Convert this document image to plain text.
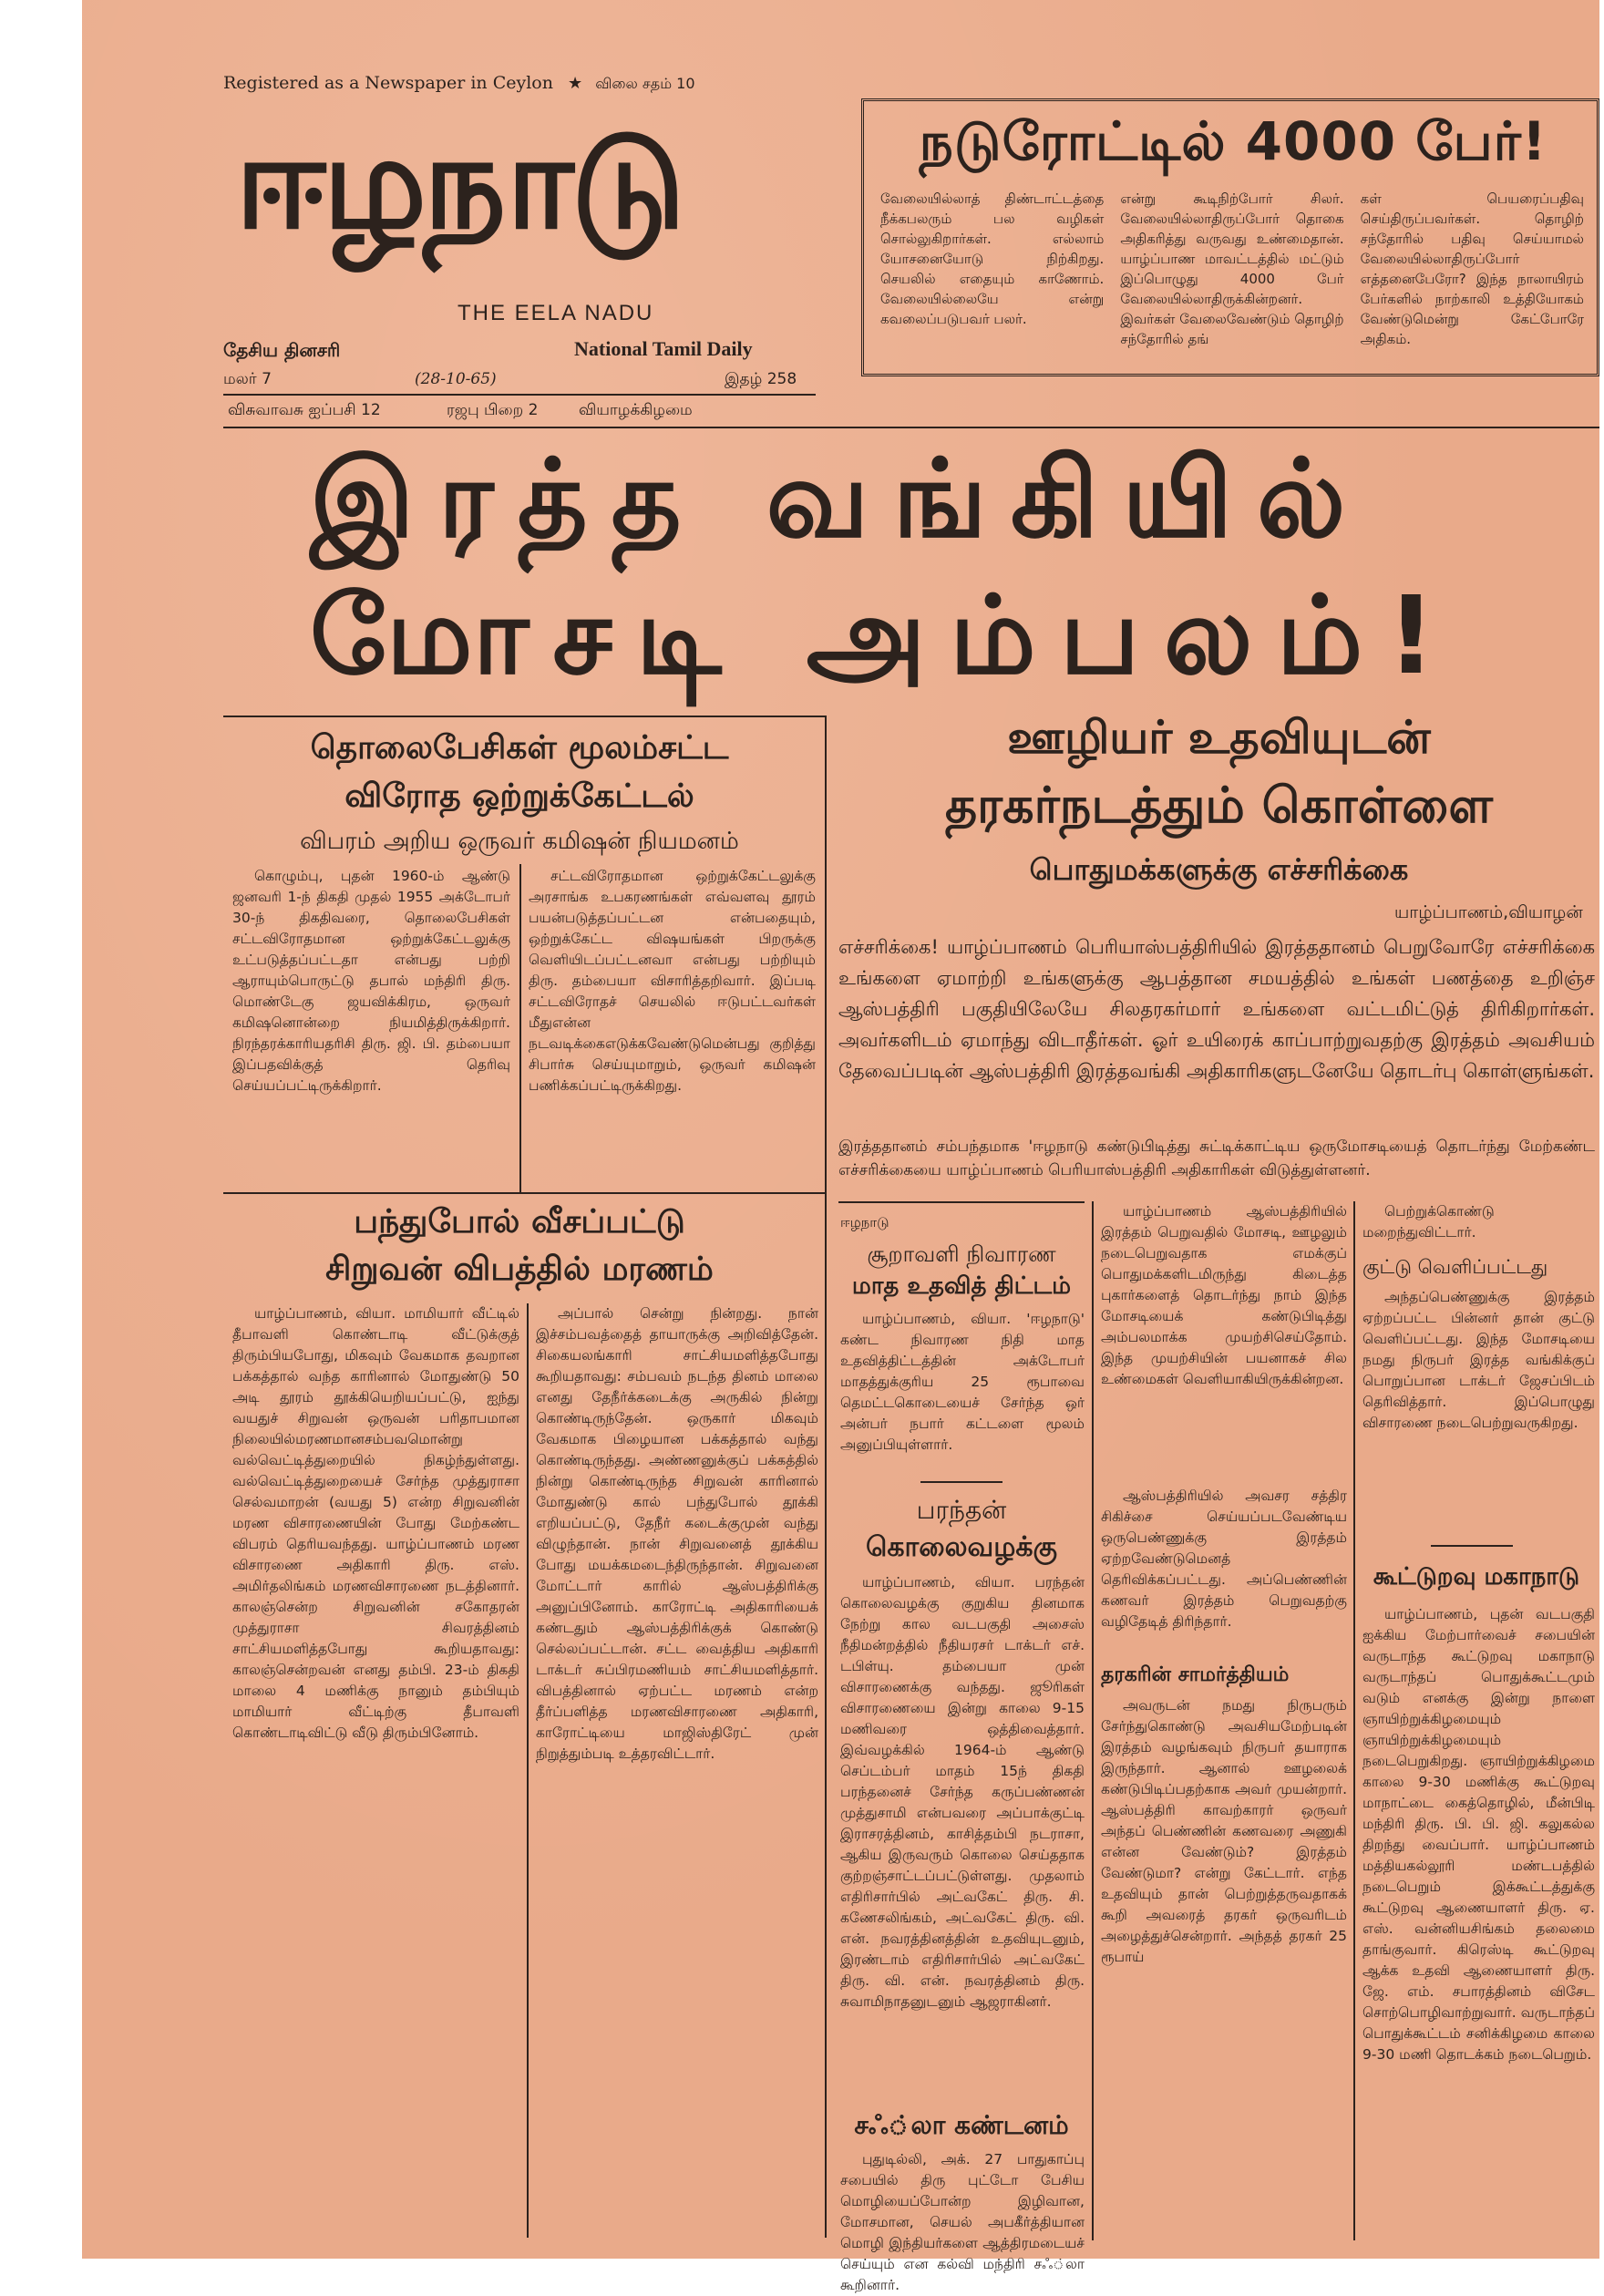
Registered as a Newspaper in Ceylon ★ விலை சதம் 10
ஈழநாடு
THE EELA NADU
தேசிய தினசரி	National Tamil Daily
மலர் 7	(28-10-65)	இதழ் 258
விசுவாவசு ஐப்பசி 12	ரஜபு பிறை 2	வியாழக்கிழமை
நடுரோட்டில் 4000 பேர்!

வேலையில்லாத் திண்டாட்டத்தை நீக்கபலரும் பல வழிகள் சொல்லுகிறார்கள். எல்லாம் யோசனையோடு நிற்கிறது. செயலில் எதையும் காணோம். வேலையில்லையே என்று கவலைப்படுபவர் பலர்.

என்று கூடிநிற்போர் சிலர். வேலையில்லாதிருப்போர் தொகை அதிகரித்து வருவது உண்மைதான். யாழ்ப்பாண மாவட்டத்தில் மட்டும் இப்பொழுது 4000 பேர் வேலையில்லாதிருக்கின்றனர். இவர்கள் வேலைவேண்டும் தொழிற் சந்தோரில் தங்

கள் பெயரைப்பதிவு செய்திருப்பவர்கள். தொழிற் சந்தோரில் பதிவு செய்யாமல் வேலையில்லாதிருப்போர் எத்தனைபேரோ? இந்த நாலாயிரம் பேர்களில் நாற்காலி உத்தியோகம் வேண்டுமென்று கேட்போரே அதிகம்.

இரத்த வங்கியில்
மோசடி அம்பலம்!
தொலைபேசிகள் மூலம்சட்ட
விரோத ஒற்றுக்கேட்டல்
விபரம் அறிய ஒருவர் கமிஷன் நியமனம்

கொழும்பு, புதன் 1960-ம் ஆண்டு ஜனவரி 1-ந் திகதி முதல் 1955 அக்டோபர் 30-ந் திகதிவரை, தொலைபேசிகள் சட்டவிரோதமான ஒற்றுக்கேட்டலுக்கு உட்படுத்தப்பட்டதா என்பது பற்றி ஆராயும்பொருட்டு தபால் மந்திரி திரு. மொண்டேகு ஜயவிக்கிரம, ஒருவர் கமிஷனொன்றை நியமித்திருக்கிறார். நிரந்தரக்காரியதரிசி திரு. ஜி. பி. தம்பையா இப்பதவிக்குத் தெரிவு செய்யப்பட்டிருக்கிறார்.

சட்டவிரோதமான ஒற்றுக்கேட்டலுக்கு அரசாங்க உபகரணங்கள் எவ்வளவு தூரம் பயன்படுத்தப்பட்டன என்பதையும், ஒற்றுக்கேட்ட விஷயங்கள் பிறருக்கு வெளியிடப்பட்டனவா என்பது பற்றியும் திரு. தம்பையா விசாரித்தறிவார். இப்படி சட்டவிரோதச் செயலில் ஈடுபட்டவர்கள் மீதுஎன்ன நடவடிக்கைஎடுக்கவேண்டுமென்பது குறித்து சிபார்சு செய்யுமாறும், ஒருவர் கமிஷன் பணிக்கப்பட்டிருக்கிறது.

பந்துபோல் வீசப்பட்டு
சிறுவன் விபத்தில் மரணம்

யாழ்ப்பாணம், வியா. மாமியார் வீட்டில் தீபாவளி கொண்டாடி வீட்டுக்குத் திரும்பியபோது, மிகவும் வேகமாக தவறான பக்கத்தால் வந்த காரினால் மோதுண்டு 50 அடி தூரம் தூக்கியெறியப்பட்டு, ஐந்து வயதுச் சிறுவன் ஒருவன் பரிதாபமான நிலையில்மரணமானசம்பவமொன்று வல்வெட்டித்துறையில் நிகழ்ந்துள்ளது. வல்வெட்டித்துறையைச் சேர்ந்த முத்துராசா செல்வமாறன் (வயது 5) என்ற சிறுவனின் மரண விசாரணையின் போது மேற்கண்ட விபரம் தெரியவந்தது. யாழ்ப்பாணம் மரண விசாரணை அதிகாரி திரு. எஸ். அமிர்தலிங்கம் மரணவிசாரணை நடத்தினார். காலஞ்சென்ற சிறுவனின் சகோதரன் முத்துராசா சிவரத்தினம் சாட்சியமளித்தபோது கூறியதாவது: காலஞ்சென்றவன் எனது தம்பி. 23-ம் திகதி மாலை 4 மணிக்கு நானும் தம்பியும் மாமியார் வீட்டிற்கு தீபாவளி கொண்டாடிவிட்டு வீடு திரும்பினோம்.

அப்பால் சென்று நின்றது. நான் இச்சம்பவத்தைத் தாயாருக்கு அறிவித்தேன். சிகையலங்காரி சாட்சியமளித்தபோது கூறியதாவது: சம்பவம் நடந்த தினம் மாலை எனது தேநீர்க்கடைக்கு அருகில் நின்று கொண்டிருந்தேன். ஒருகார் மிகவும் வேகமாக பிழையான பக்கத்தால் வந்து கொண்டிருந்தது. அண்ணனுக்குப் பக்கத்தில் நின்று கொண்டிருந்த சிறுவன் காரினால் மோதுண்டு கால் பந்துபோல் தூக்கி எறியப்பட்டு, தேநீர் கடைக்குமுன் வந்து விழுந்தான். நான் சிறுவனைத் தூக்கிய போது மயக்கமடைந்திருந்தான். சிறுவனை மோட்டார் காரில் ஆஸ்பத்திரிக்கு அனுப்பினோம். காரோட்டி அதிகாரியைக் கண்டதும் ஆஸ்பத்திரிக்குக் கொண்டு செல்லப்பட்டான். சட்ட வைத்திய அதிகாரி டாக்டர் சுப்பிரமணியம் சாட்சியமளித்தார். விபத்தினால் ஏற்பட்ட மரணம் என்ற தீர்ப்பளித்த மரணவிசாரணை அதிகாரி, காரோட்டியை மாஜிஸ்திரேட் முன் நிறுத்தும்படி உத்தரவிட்டார்.

ஊழியர் உதவியுடன்
தரகர்நடத்தும் கொள்ளை
பொதுமக்களுக்கு எச்சரிக்கை
யாழ்ப்பாணம்,வியாழன்
எச்சரிக்கை! யாழ்ப்பாணம் பெரியாஸ்பத்திரியில் இரத்ததானம் பெறுவோரே எச்சரிக்கை உங்களை ஏமாற்றி உங்களுக்கு ஆபத்தான சமயத்தில் உங்கள் பணத்தை உறிஞ்ச ஆஸ்பத்திரி பகுதியிலேயே சிலதரகர்மார் உங்களை வட்டமிட்டுத் திரிகிறார்கள். அவர்களிடம் ஏமாந்து விடாதீர்கள். ஓர் உயிரைக் காப்பாற்றுவதற்கு இரத்தம் அவசியம் தேவைப்படின் ஆஸ்பத்திரி இரத்தவங்கி அதிகாரிகளுடனேயே தொடர்பு கொள்ளுங்கள்.
இரத்ததானம் சம்பந்தமாக 'ஈழநாடு கண்டுபிடித்து சுட்டிக்காட்டிய ஒருமோசடியைத் தொடர்ந்து மேற்கண்ட எச்சரிக்கையை யாழ்ப்பாணம் பெரியாஸ்பத்திரி அதிகாரிகள் விடுத்துள்ளனர்.
ஈழநாடு
சூறாவளி நிவாரண
மாத உதவித் திட்டம்

யாழ்ப்பாணம், வியா. 'ஈழநாடு' கண்ட நிவாரண நிதி மாத உதவித்திட்டத்தின் அக்டோபர் மாதத்துக்குரிய 25 ரூபாவை தெமட்டகொடையைச் சேர்ந்த ஒர் அன்பர் நபார் கட்டளை மூலம் அனுப்பியுள்ளார்.

பரந்தன்
கொலைவழக்கு

யாழ்ப்பாணம், வியா. பரந்தன் கொலைவழக்கு குறுகிய தினமாக நேற்று கால வடபகுதி அசைஸ் நீதிமன்றத்தில் நீதியரசர் டாக்டர் எச். டபிள்யு. தம்பையா முன் விசாரணைக்கு வந்தது. ஜூரிகள் விசாரணையை இன்று காலை 9-15 மணிவரை ஒத்திவைத்தார். இவ்வழக்கில் 1964-ம் ஆண்டு செப்டம்பர் மாதம் 15ந் திகதி பரந்தனைச் சேர்ந்த கருப்பண்ணன் முத்துசாமி என்பவரை அப்பாக்குட்டி இராசரத்தினம், காசித்தம்பி நடராசா, ஆகிய இருவரும் கொலை செய்ததாக குற்றஞ்சாட்டப்பட்டுள்ளது. முதலாம் எதிரிசார்பில் அட்வகேட் திரு. சி. கணேசலிங்கம், அட்வகேட் திரு. வி. என். நவரத்தினத்தின் உதவியுடனும், இரண்டாம் எதிரிசார்பில் அட்வகேட் திரு. வி. என். நவரத்தினம் திரு. சுவாமிநாதனுடனும் ஆஜராகினர்.

சஃ்லா கண்டனம்

புதுடில்லி, அக். 27 பாதுகாப்பு சபையில் திரு புட்டோ பேசிய மொழியைப்போன்ற இழிவான, மோசமான, செயல் அபகீர்த்தியான மொழி இந்தியர்களை ஆத்திரமடையச் செய்யும் என கல்வி மந்திரி சஃ்லா கூறினார்.

யாழ்ப்பாணம் ஆஸ்பத்திரியில் இரத்தம் பெறுவதில் மோசடி, ஊழலும் நடைபெறுவதாக எமக்குப் பொதுமக்களிடமிருந்து கிடைத்த புகார்களைத் தொடர்ந்து நாம் இந்த மோசடியைக் கண்டுபிடித்து அம்பலமாக்க முயற்சிசெய்தோம். இந்த முயற்சியின் பயனாகச் சில உண்மைகள் வெளியாகியிருக்கின்றன.

ஆஸ்பத்திரியில் அவசர சத்திர சிகிச்சை செய்யப்படவேண்டிய ஒருபெண்ணுக்கு இரத்தம் ஏற்றவேண்டுமெனத் தெரிவிக்கப்பட்டது. அப்பெண்ணின் கணவர் இரத்தம் பெறுவதற்கு வழிதேடித் திரிந்தார்.

தரகரின் சாமர்த்தியம்

அவருடன் நமது நிருபரும் சேர்ந்துகொண்டு அவசியமேற்படின் இரத்தம் வழங்கவும் நிருபர் தயாராக இருந்தார். ஆனால் ஊழலைக் கண்டுபிடிப்பதற்காக அவர் முயன்றார். ஆஸ்பத்திரி காவற்காரர் ஒருவர் அந்தப் பெண்ணின் கணவரை அணுகி என்ன வேண்டும்? இரத்தம் வேண்டுமா? என்று கேட்டார். எந்த உதவியும் தான் பெற்றுத்தருவதாகக் கூறி அவரைத் தரகர் ஒருவரிடம் அழைத்துச்சென்றார். அந்தத் தரகர் 25 ரூபாய்

பெற்றுக்கொண்டு மறைந்துவிட்டார்.

குட்டு வெளிப்பட்டது

அந்தப்பெண்ணுக்கு இரத்தம் ஏற்றப்பட்ட பின்னர் தான் குட்டு வெளிப்பட்டது. இந்த மோசடியை நமது நிருபர் இரத்த வங்கிக்குப் பொறுப்பான டாக்டர் ஜேசப்பிடம் தெரிவித்தார். இப்பொழுது விசாரணை நடைபெற்றுவருகிறது.

கூட்டுறவு மகாநாடு

யாழ்ப்பாணம், புதன் வடபகுதி ஐக்கிய மேற்பார்வைச் சபையின் வருடாந்த கூட்டுறவு மகாநாடு வருடாந்தப் பொதுக்கூட்டமும் வடும் எனக்கு இன்று நாளை ஞாயிற்றுக்கிழமையும் ஞாயிற்றுக்கிழமையும் நடைபெறுகிறது. ஞாயிற்றுக்கிழமை காலை 9-30 மணிக்கு கூட்டுறவு மாநாட்டை கைத்தொழில், மீன்பிடி மந்திரி திரு. பி. பி. ஜி. கலுகல்ல திறந்து வைப்பார். யாழ்ப்பாணம் மத்தியகல்லூரி மண்டபத்தில் நடைபெறும் இக்கூட்டத்துக்கு கூட்டுறவு ஆணையாளர் திரு. ஏ. எஸ். வன்னியசிங்கம் தலைமை தாங்குவார். கிரெஸ்டி கூட்டுறவு ஆக்க உதவி ஆணையாளர் திரு. ஜே. எம். சபாரத்தினம் விசேட சொற்பொழிவாற்றுவார். வருடாந்தப் பொதுக்கூட்டம் சனிக்கிழமை காலை 9-30 மணி தொடக்கம் நடைபெறும்.
